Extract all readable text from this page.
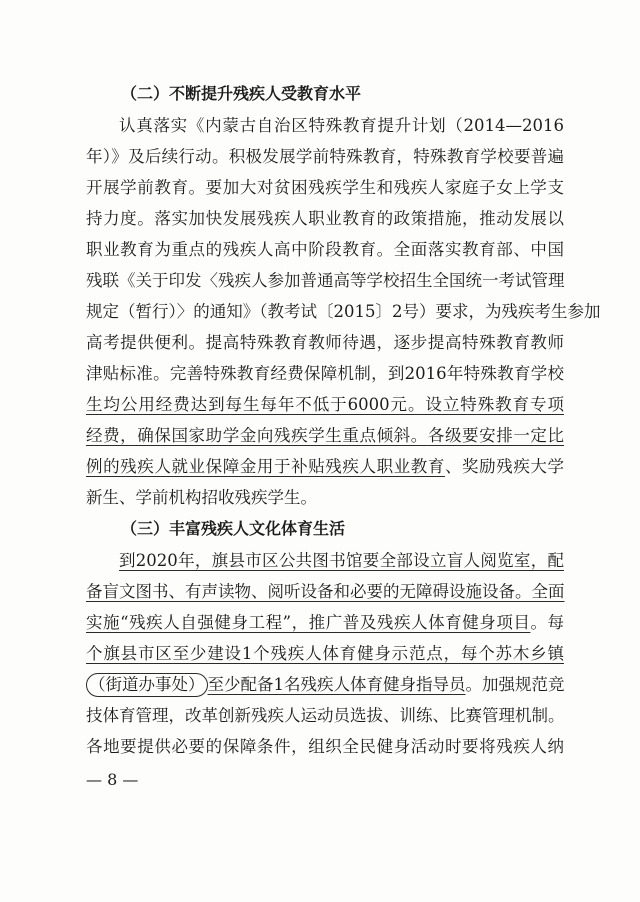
（二）不断提升残疾人受教育水平
认真落实《内蒙古自治区特殊教育提升计划（2014—2016
年）》及后续行动。积极发展学前特殊教育，特殊教育学校要普遍
开展学前教育。要加大对贫困残疾学生和残疾人家庭子女上学支
持力度。落实加快发展残疾人职业教育的政策措施，推动发展以
职业教育为重点的残疾人高中阶段教育。全面落实教育部、中国
残联《关于印发〈残疾人参加普通高等学校招生全国统一考试管理
规定（暂行）〉的通知》（教考试〔2015〕2号）要求，为残疾考生参加
高考提供便利。提高特殊教育教师待遇，逐步提高特殊教育教师
津贴标准。完善特殊教育经费保障机制，到2016年特殊教育学校
生均公用经费达到每生每年不低于6000元。设立特殊教育专项
经费，确保国家助学金向残疾学生重点倾斜。各级要安排一定比
例的残疾人就业保障金用于补贴残疾人职业教育、奖励残疾大学
新生、学前机构招收残疾学生。
（三）丰富残疾人文化体育生活
到2020年，旗县市区公共图书馆要全部设立盲人阅览室，配
备盲文图书、有声读物、阅听设备和必要的无障碍设施设备。全面
实施“残疾人自强健身工程”，推广普及残疾人体育健身项目。每
个旗县市区至少建设1个残疾人体育健身示范点，每个苏木乡镇
（街道办事处） 至少配备1名残疾人体育健身指导员。加强规范竞
技体育管理，改革创新残疾人运动员选拔、训练、比赛管理机制。
各地要提供必要的保障条件，组织全民健身活动时要将残疾人纳
— 8 —
